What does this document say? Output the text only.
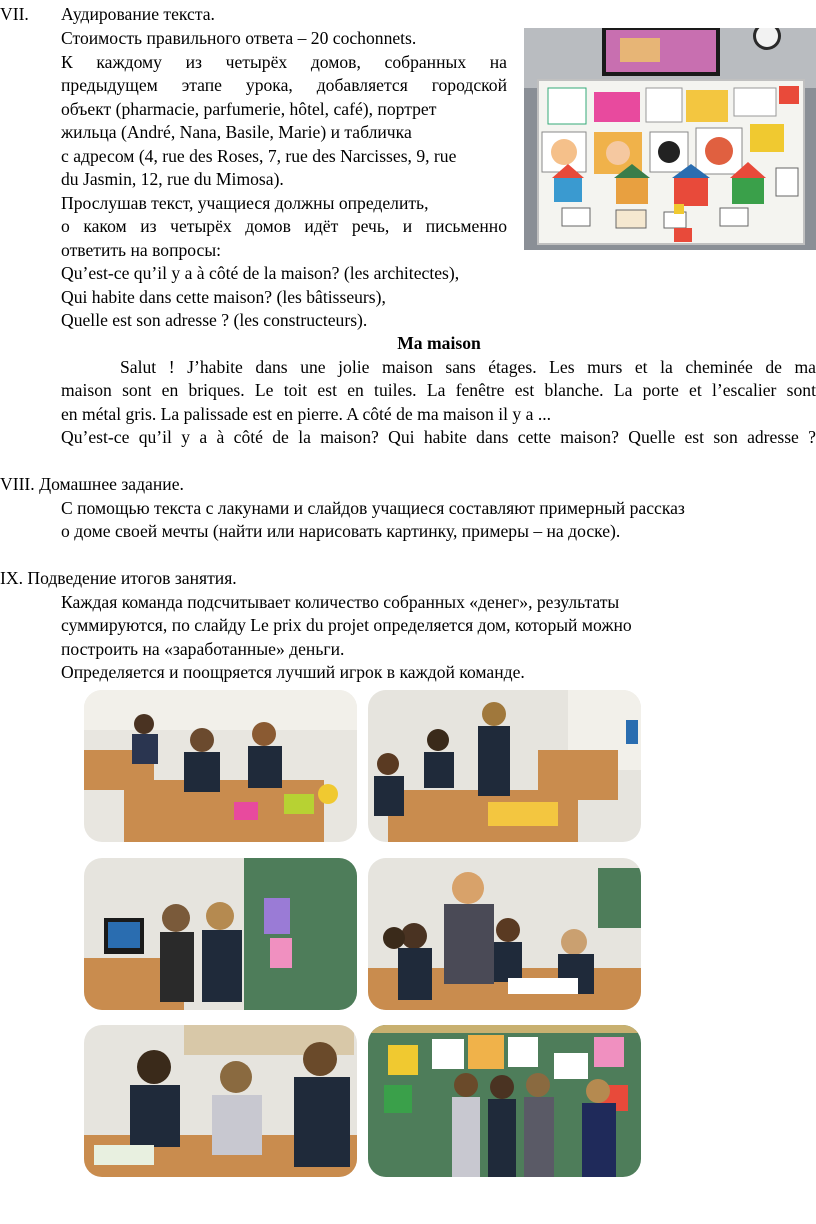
VII. Аудирование текста.
Стоимость правильного ответа – 20 cochonnets.
К каждому из четырёх домов, собранных на
предыдущем этапе урока, добавляется городской
объект (pharmacie, parfumerie, hôtel, café), портрет
жильца (André, Nana, Basile, Marie) и табличка
с адресом (4, rue des Roses, 7, rue des Narcisses, 9, rue
du Jasmin, 12, rue du Mimosa).
Прослушав текст, учащиеся должны определить,
о каком из четырёх домов идёт речь, и письменно
ответить на вопросы:
Qu’est-ce qu’il y a à côté de la maison? (les architectes),
Qui habite dans cette maison? (les bâtisseurs),
Quelle est son adresse ? (les constructeurs).
Ma maison
Salut ! J’habite dans une jolie maison sans étages. Les murs et la cheminée de ma
maison sont en briques. Le toit est en tuiles. La fenêtre est blanche. La porte et l’escalier sont
en métal gris. La palissade est en pierre. A côté de ma maison il y a ...
Qu’est-ce qu’il y a à côté de la maison? Qui habite dans cette maison? Quelle est son adresse ?
VIII. Домашнее задание.
С помощью текста с лакунами и слайдов учащиеся составляют примерный рассказ
о доме своей мечты (найти или нарисовать картинку, примеры – на доске).
IX. Подведение итогов занятия.
Каждая команда подсчитывает количество собранных «денег», результаты
суммируются, по слайду Le prix du projet определяется дом, который можно
построить на «заработанные» деньги.
Определяется и поощряется лучший игрок в каждой команде.
